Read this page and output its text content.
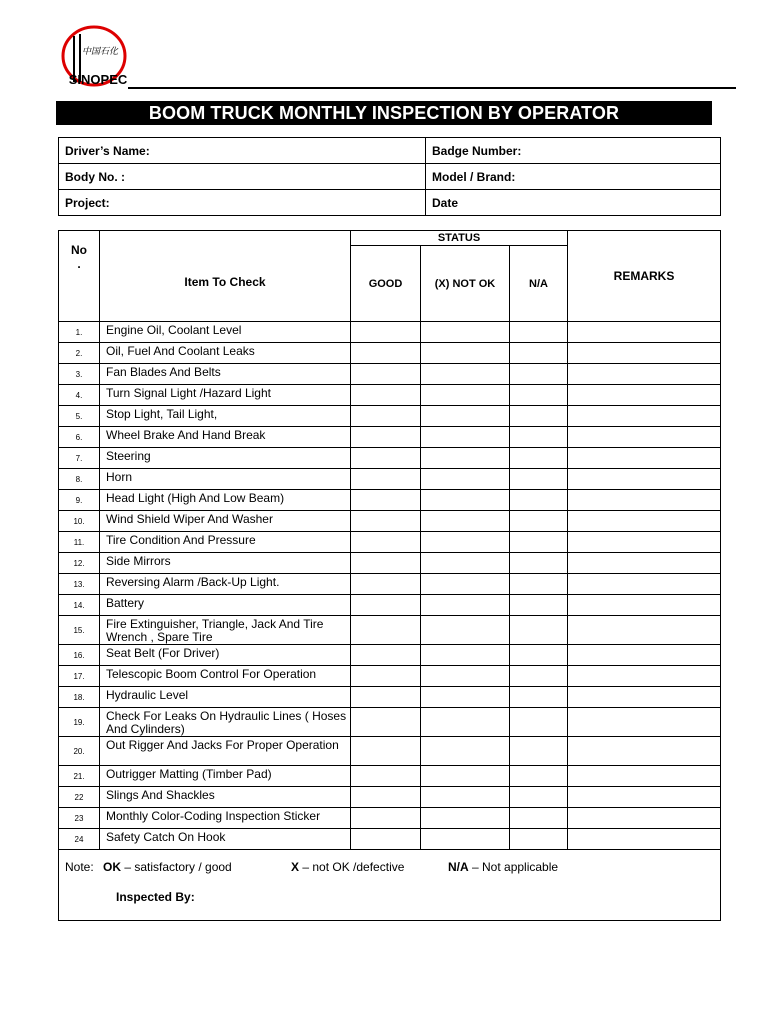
中国石化
SINOPEC
BOOM TRUCK MONTHLY INSPECTION BY OPERATOR
Driver’s Name:	Badge Number:
Body No. :	Model / Brand:
Project:	Date
No
.	Item To Check	STATUS			REMARKS
		GOOD	(X) NOT OK	N/A	
1.	Engine Oil, Coolant Level				
2.	Oil, Fuel And Coolant Leaks				
3.	Fan Blades And Belts				
4.	Turn Signal Light /Hazard Light				
5.	Stop Light, Tail Light,				
6.	Wheel Brake And Hand Break				
7.	Steering				
8.	Horn				
9.	Head Light (High And Low Beam)				
10.	Wind Shield Wiper And Washer				
11.	Tire Condition And Pressure				
12.	Side Mirrors				
13.	Reversing Alarm /Back-Up Light.				
14.	Battery				
15.	Fire Extinguisher, Triangle, Jack And Tire Wrench , Spare Tire				
16.	Seat Belt (For Driver)				
17.	Telescopic Boom Control For Operation				
18.	Hydraulic Level				
19.	Check For Leaks On Hydraulic Lines ( Hoses And Cylinders)				
20.	Out Rigger And Jacks For Proper Operation				
21.	Outrigger Matting (Timber Pad)				
22	Slings And Shackles				
23	Monthly Color-Coding Inspection Sticker				
24	Safety Catch On Hook				
Note: OK – satisfactory / good X – not OK /defective N/A – Not applicable					
Inspected By:
